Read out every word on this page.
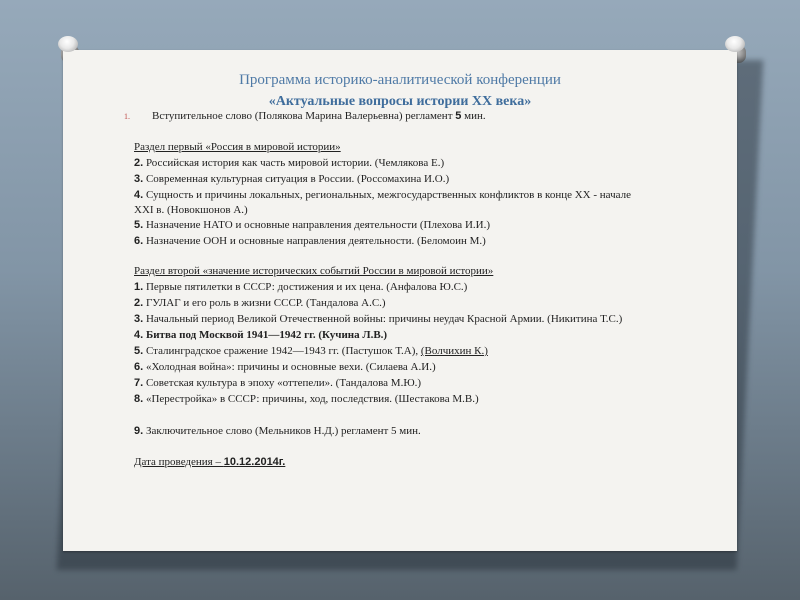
Программа историко-аналитической конференции
«Актуальные вопросы истории XX века»
1. Вступительное слово (Полякова Марина Валерьевна) регламент 5 мин.
Раздел первый «Россия в мировой истории»
2. Российская история как часть мировой истории. (Чемлякова Е.)
3. Современная культурная ситуация в России. (Россомахина И.О.)
4. Сущность и причины локальных, региональных, межгосударственных конфликтов в конце XX - начале
XXI в. (Новокшонов А.)
5. Назначение НАТО и основные направления деятельности (Плехова И.И.)
6. Назначение ООН и основные направления деятельности. (Беломоин М.)
Раздел второй «значение исторических событий России в мировой истории»
1. Первые пятилетки в СССР: достижения и их цена. (Анфалова Ю.С.)
2. ГУЛАГ и его роль в жизни СССР. (Тандалова А.С.)
3. Начальный период Великой Отечественной войны: причины неудач Красной Армии. (Никитина Т.С.)
4. Битва под Москвой 1941—1942 гг. (Кучина Л.В.)
5. Сталинградское сражение 1942—1943 гг. (Пастушок Т.А), (Волчихин К.)
6. «Холодная война»: причины и основные вехи. (Силаева А.И.)
7. Советская культура в эпоху «оттепели». (Тандалова М.Ю.)
8. «Перестройка» в СССР: причины, ход, последствия. (Шестакова М.В.)
9. Заключительное слово (Мельников Н.Д.) регламент 5 мин.
Дата проведения – 10.12.2014г.
